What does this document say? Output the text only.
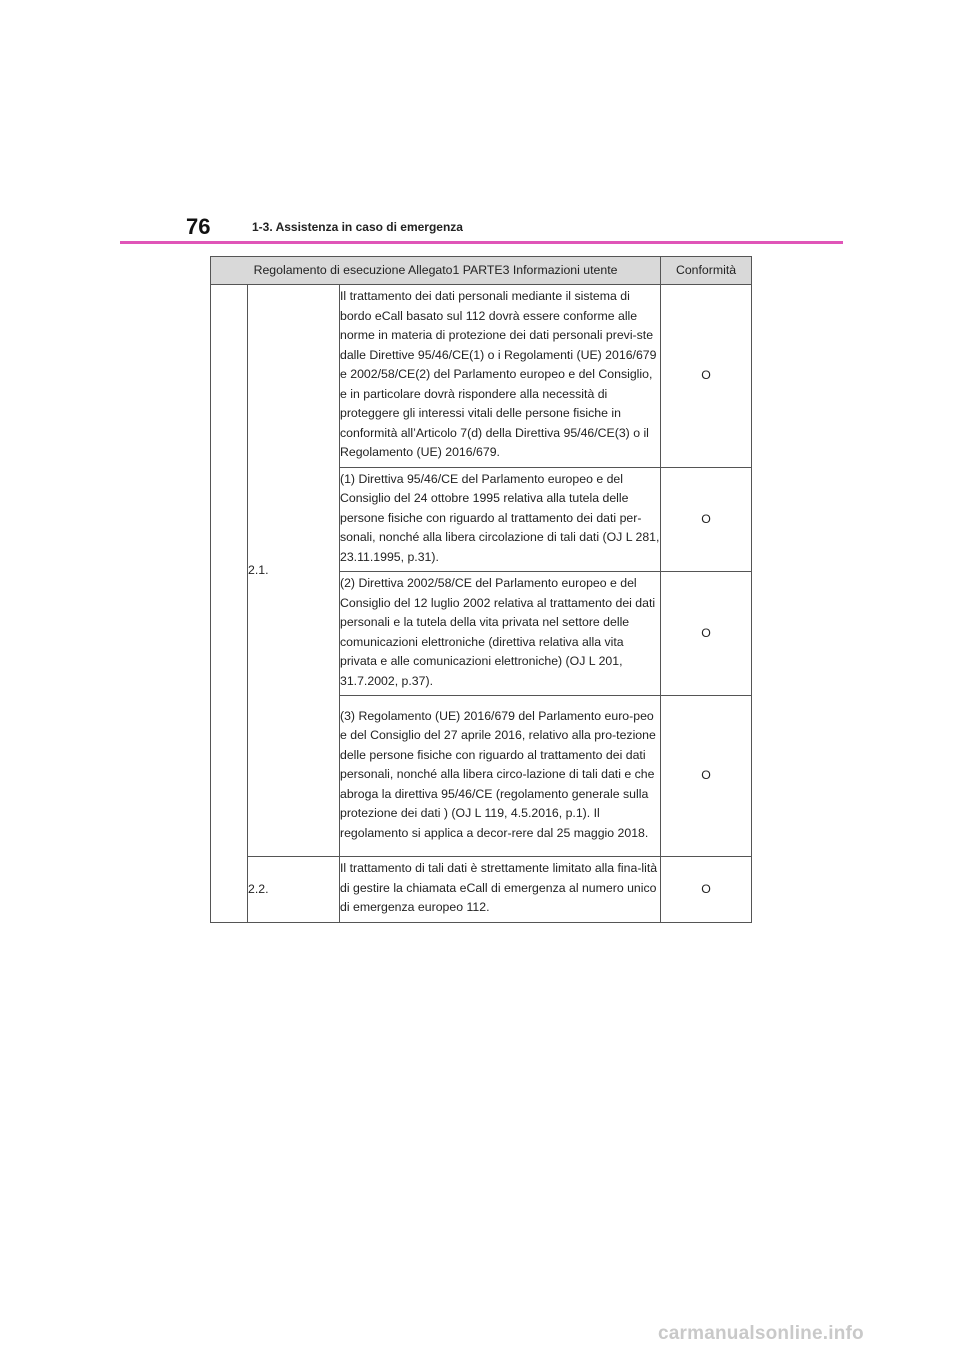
76	1-3. Assistenza in caso di emergenza
Regolamento di esecuzione Allegato1 PARTE3 Informazioni utente			Conformità
	2.1.	Il trattamento dei dati personali mediante il sistema di bordo eCall basato sul 112 dovrà essere conforme alle norme in materia di protezione dei dati personali previ-ste dalle Direttive 95/46/CE(1) o i Regolamenti (UE) 2016/679 e 2002/58/CE(2) del Parlamento europeo e del Consiglio, e in particolare dovrà rispondere alla necessità di proteggere gli interessi vitali delle persone fisiche in conformità all’Articolo 7(d) della Direttiva 95/46/CE(3) o il Regolamento (UE) 2016/679.	O

		(1) Direttiva 95/46/CE del Parlamento europeo e del Consiglio del 24 ottobre 1995 relativa alla tutela delle persone fisiche con riguardo al trattamento dei dati per-sonali, nonché alla libera circolazione di tali dati (OJ L 281, 23.11.1995, p.31).	O

		(2) Direttiva 2002/58/CE del Parlamento europeo e del Consiglio del 12 luglio 2002 relativa al trattamento dei dati personali e la tutela della vita privata nel settore delle comunicazioni elettroniche (direttiva relativa alla vita privata e alle comunicazioni elettroniche) (OJ L 201, 31.7.2002, p.37).	O

		(3) Regolamento (UE) 2016/679 del Parlamento euro-peo e del Consiglio del 27 aprile 2016, relativo alla pro-tezione delle persone fisiche con riguardo al trattamento dei dati personali, nonché alla libera circo-lazione di tali dati e che abroga la direttiva 95/46/CE (regolamento generale sulla protezione dei dati ) (OJ L 119, 4.5.2016, p.1). Il regolamento si applica a decor-rere dal 25 maggio 2018.	O
	2.2.	Il trattamento di tali dati è strettamente limitato alla fina-lità di gestire la chiamata eCall di emergenza al numero unico di emergenza europeo 112.	O
carmanualsonline.info
